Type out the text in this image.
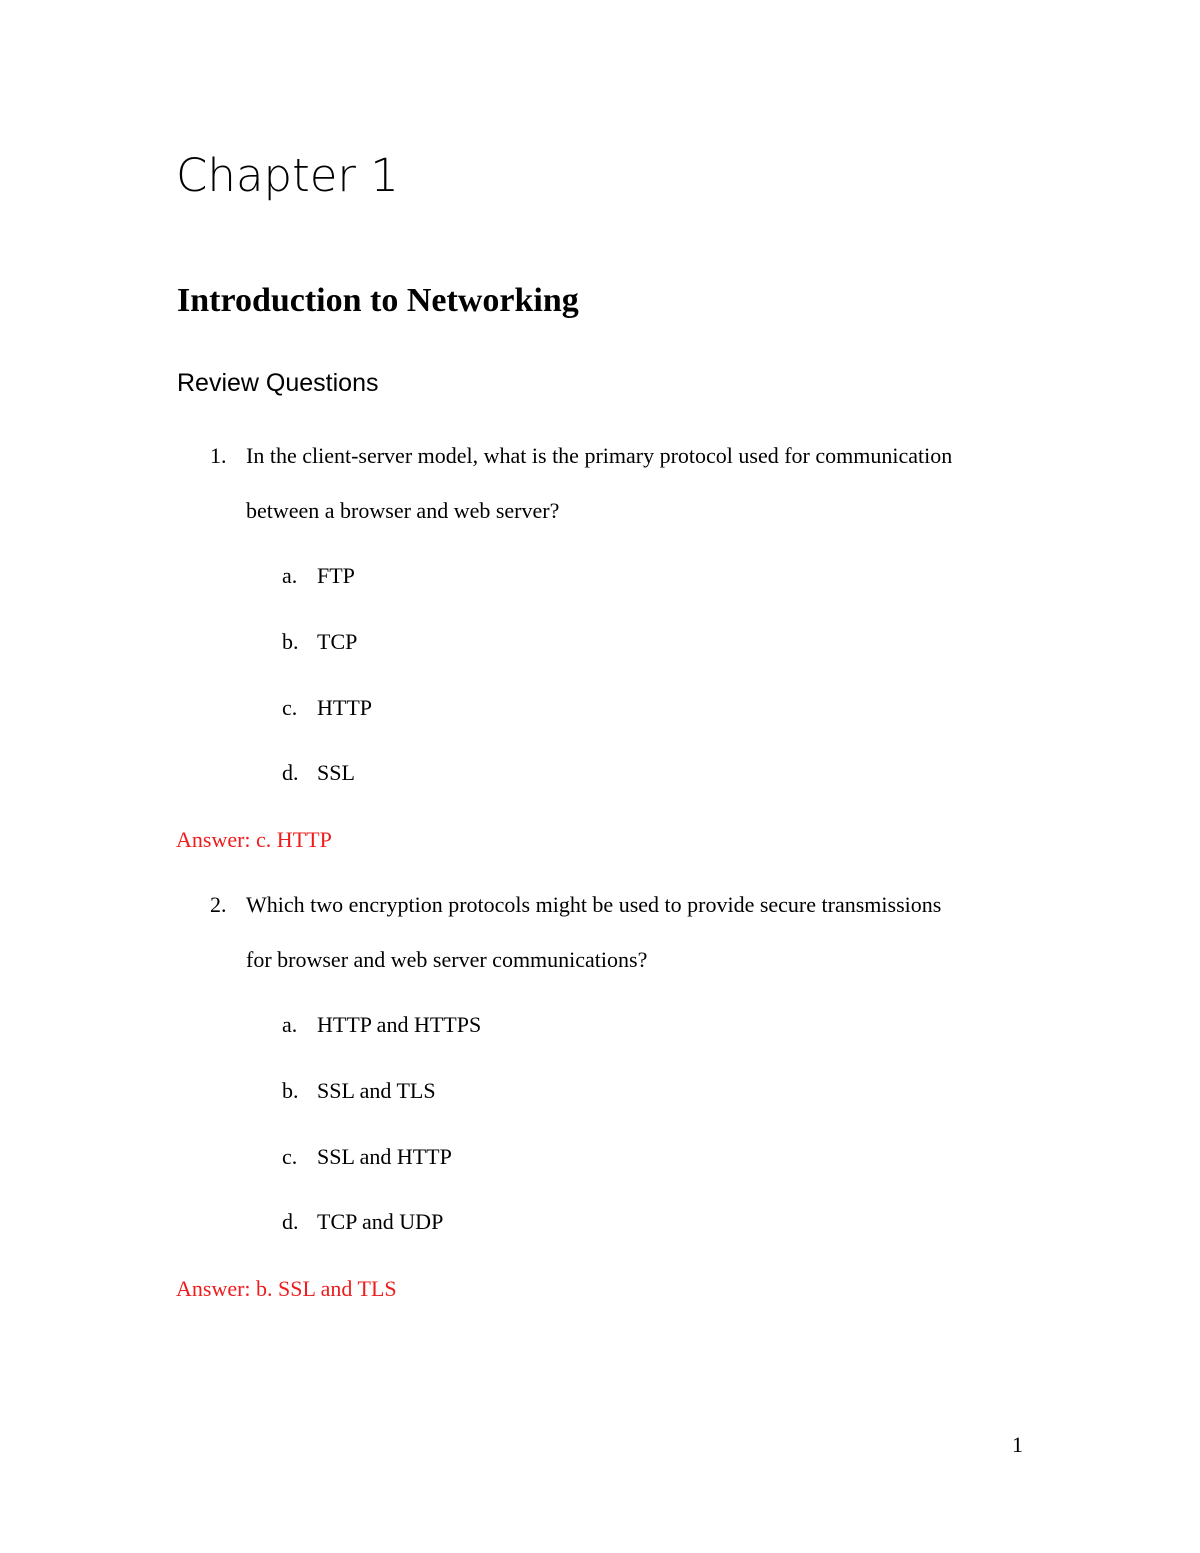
Chapter 1
Introduction to Networking
Review Questions
1. In the client-server model, what is the primary protocol used for communication
between a browser and web server?
a. FTP
b. TCP
c. HTTP
d. SSL
Answer: c. HTTP
2. Which two encryption protocols might be used to provide secure transmissions
for browser and web server communications?
a. HTTP and HTTPS
b. SSL and TLS
c. SSL and HTTP
d. TCP and UDP
Answer: b. SSL and TLS
1
